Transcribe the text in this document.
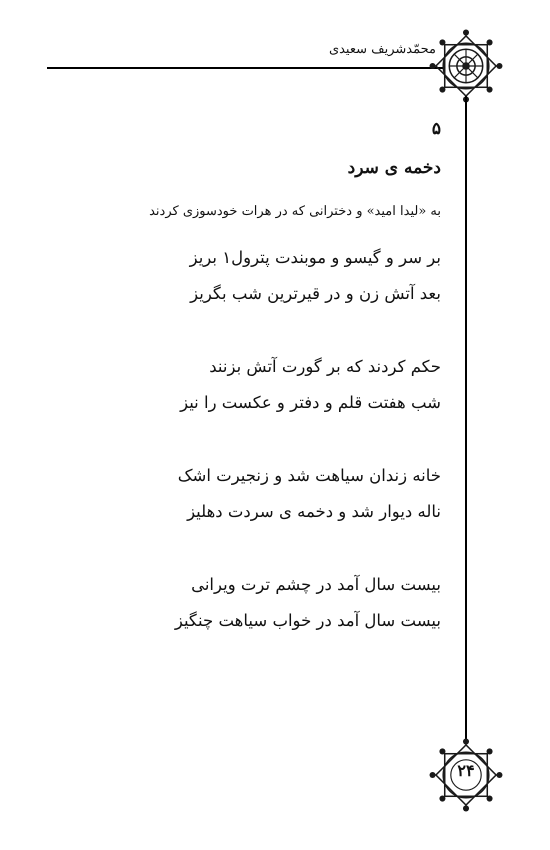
محمّدشریف سعیدی
۵
دخمه ی سرد
به «لیدا امید» و دخترانی که در هرات خودسوزی کردند
بر سر و گیسو و موبندت پترول۱ بریز
بعد آتش زن و در قیرترین شب بگریز
حکم کردند که بر گورت آتش بزنند
شب هفتت قلم و دفتر و عکست را نیز
خانه زندان سیاهت شد و زنجیرت اشک
ناله دیوار شد و دخمه ی سردت دهلیز
بیست سال آمد در چشم ترت ویرانی
بیست سال آمد در خواب سیاهت چنگیز
۲۴
